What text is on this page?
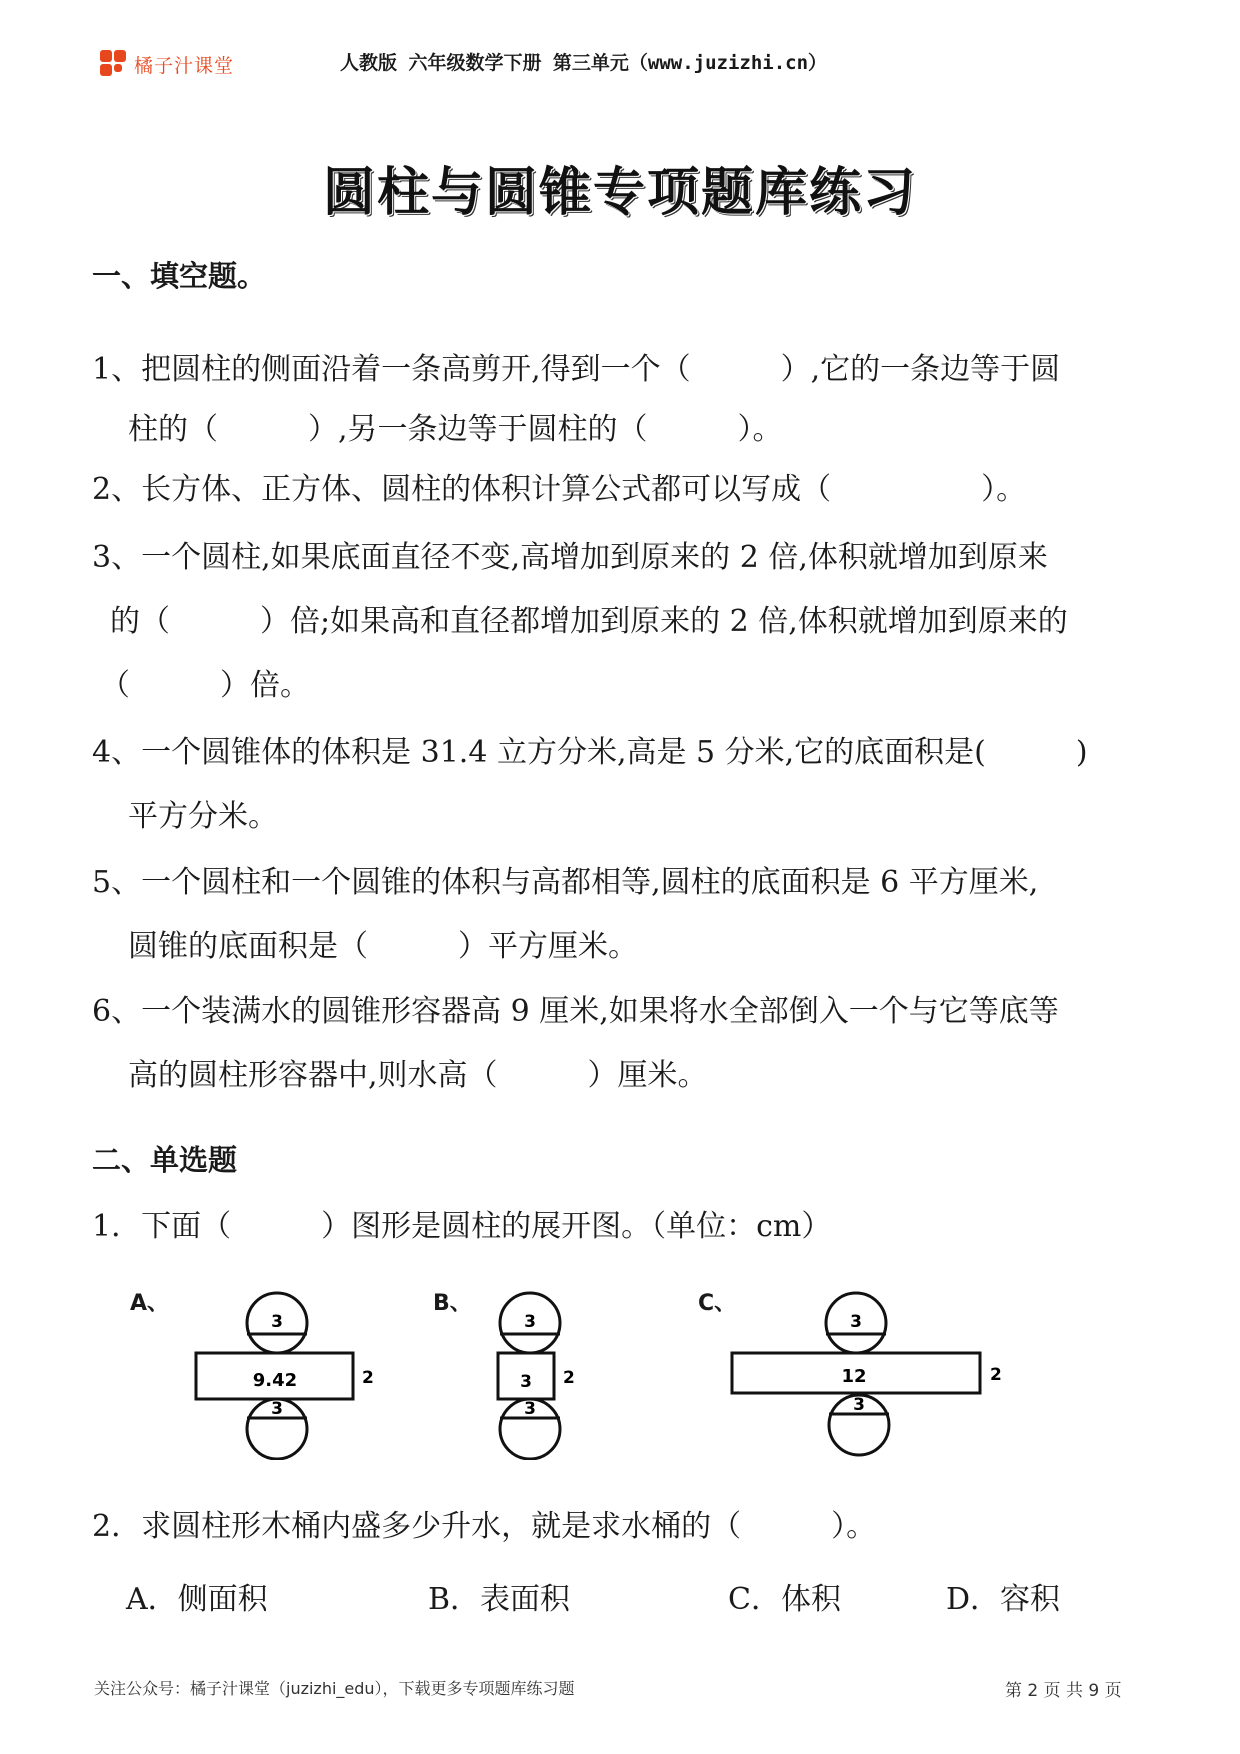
橘子汁课堂	人教版 六年级数学下册 第三单元（www.juzizhi.cn）
圆柱与圆锥专项题库练习
一、填空题。
1、把圆柱的侧面沿着一条高剪开,得到一个（　　　）,它的一条边等于圆
柱的（　　　）,另一条边等于圆柱的（　　　）。
2、长方体、正方体、圆柱的体积计算公式都可以写成（　　　　　）。
3、一个圆柱,如果底面直径不变,高增加到原来的 2 倍,体积就增加到原来
的（　　　）倍;如果高和直径都增加到原来的 2 倍,体积就增加到原来的
（　　　）倍。
4、一个圆锥体的体积是 31.4 立方分米,高是 5 分米,它的底面积是(　　　)
平方分米。
5、一个圆柱和一个圆锥的体积与高都相等,圆柱的底面积是 6 平方厘米,
圆锥的底面积是（　　　）平方厘米。
6、一个装满水的圆锥形容器高 9 厘米,如果将水全部倒入一个与它等底等
高的圆柱形容器中,则水高（　　　）厘米。
二、单选题
1．下面（　　　）图形是圆柱的展开图。（单位：cm）
A、
3
9.42	2
3
B、
3
3 2
3
C、
3
12	2
3
2．求圆柱形木桶内盛多少升水，就是求水桶的（　　　）。
A．侧面积	B．表面积	C．体积	D．容积
关注公众号：橘子汁课堂（juzizhi_edu），下载更多专项题库练习题	第 2 页 共 9 页
